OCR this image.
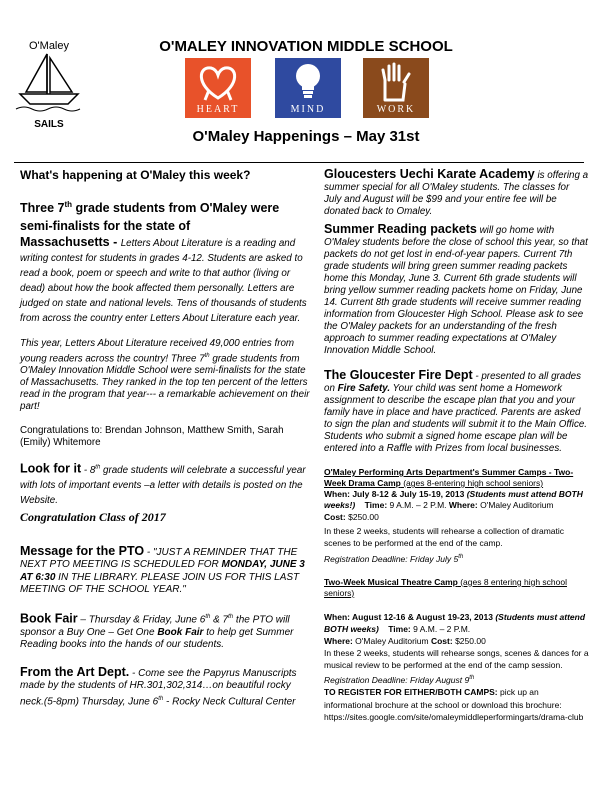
O'Maley
SAILS
O'MALEY INNOVATION MIDDLE SCHOOL
HEART	MIND	WORK
O'Maley Happenings – May 31st

What's happening at O'Maley this week?

Three 7th grade students from O'Maley were semi-finalists for the state of

Massachusetts - Letters About Literature is a reading and writing contest for students in grades 4-12. Students are asked to read a book, poem or speech and write to that author (living or dead) about how the book affected them personally. Letters are judged on state and national levels. Tens of thousands of students from across the country enter Letters About Literature each year.

This year, Letters About Literature received 49,000 entries from young readers across the country! Three 7th grade students from O'Maley Innovation Middle School were semi-finalists for the state of Massachusetts. They ranked in the top ten percent of the letters read in the program that year--- a remarkable achievement on their part!

Congratulations to: Brendan Johnson, Matthew Smith, Sarah (Emily) Whitemore

Look for it - 8th grade students will celebrate a successful year with lots of important events –a letter with details is posted on the Website.

Congratulation Class of 2017

Message for the PTO - "JUST A REMINDER THAT THE NEXT PTO MEETING IS SCHEDULED FOR MONDAY, JUNE 3 AT 6:30 IN THE LIBRARY. PLEASE JOIN US FOR THIS LAST MEETING OF THE SCHOOL YEAR."

Book Fair – Thursday & Friday, June 6th & 7th the PTO will sponsor a Buy One – Get One Book Fair to help get Summer Reading books into the hands of our students.

From the Art Dept. - Come see the Papyrus Manuscripts made by the students of HR.301,302,314…on beautiful rocky neck.(5-8pm) Thursday, June 6th - Rocky Neck Cultural Center

Gloucesters Uechi Karate Academy is offering a summer special for all O'Maley students. The classes for July and August will be $99 and your entire fee will be donated back to Omaley.

Summer Reading packets will go home with O'Maley students before the close of school this year, so that packets do not get lost in end-of-year papers. Current 7th grade students will bring green summer reading packets home this Monday, June 3. Current 6th grade students will bring yellow summer reading packets home on Friday, June 14. Current 8th grade students will receive summer reading information from Gloucester High School. Please ask to see the O'Maley packets for an understanding of the fresh approach to summer reading expectations at O'Maley Innovation Middle School.

The Gloucester Fire Dept - presented to all grades on Fire Safety. Your child was sent home a Homework assignment to describe the escape plan that you and your family have in place and have practiced. Parents are asked to sign the plan and students will submit it to the Main Office. Students who submit a signed home escape plan will be entered into a Raffle with Prizes from local businesses.

O'Maley Performing Arts Department's Summer Camps - Two-Week Drama Camp (ages 8-entering high school seniors)

When: July 8-12 & July 15-19, 2013 (Students must attend BOTH weeks!) Time: 9 A.M. – 2 P.M. Where: O'Maley Auditorium

Cost: $250.00

In these 2 weeks, students will rehearse a collection of dramatic scenes to be performed at the end of the camp.

Registration Deadline: Friday July 5th

Two-Week Musical Theatre Camp (ages 8 entering high school seniors)

When: August 12-16 & August 19-23, 2013 (Students must attend BOTH weeks) Time: 9 A.M. – 2 P.M.

Where: O'Maley Auditorium Cost: $250.00

In these 2 weeks, students will rehearse songs, scenes & dances for a musical review to be performed at the end of the camp session. Registration Deadline: Friday August 9th

TO REGISTER FOR EITHER/BOTH CAMPS: pick up an informational brochure at the school or download this brochure: https://sites.google.com/site/omaleymiddleperformingarts/drama-club
